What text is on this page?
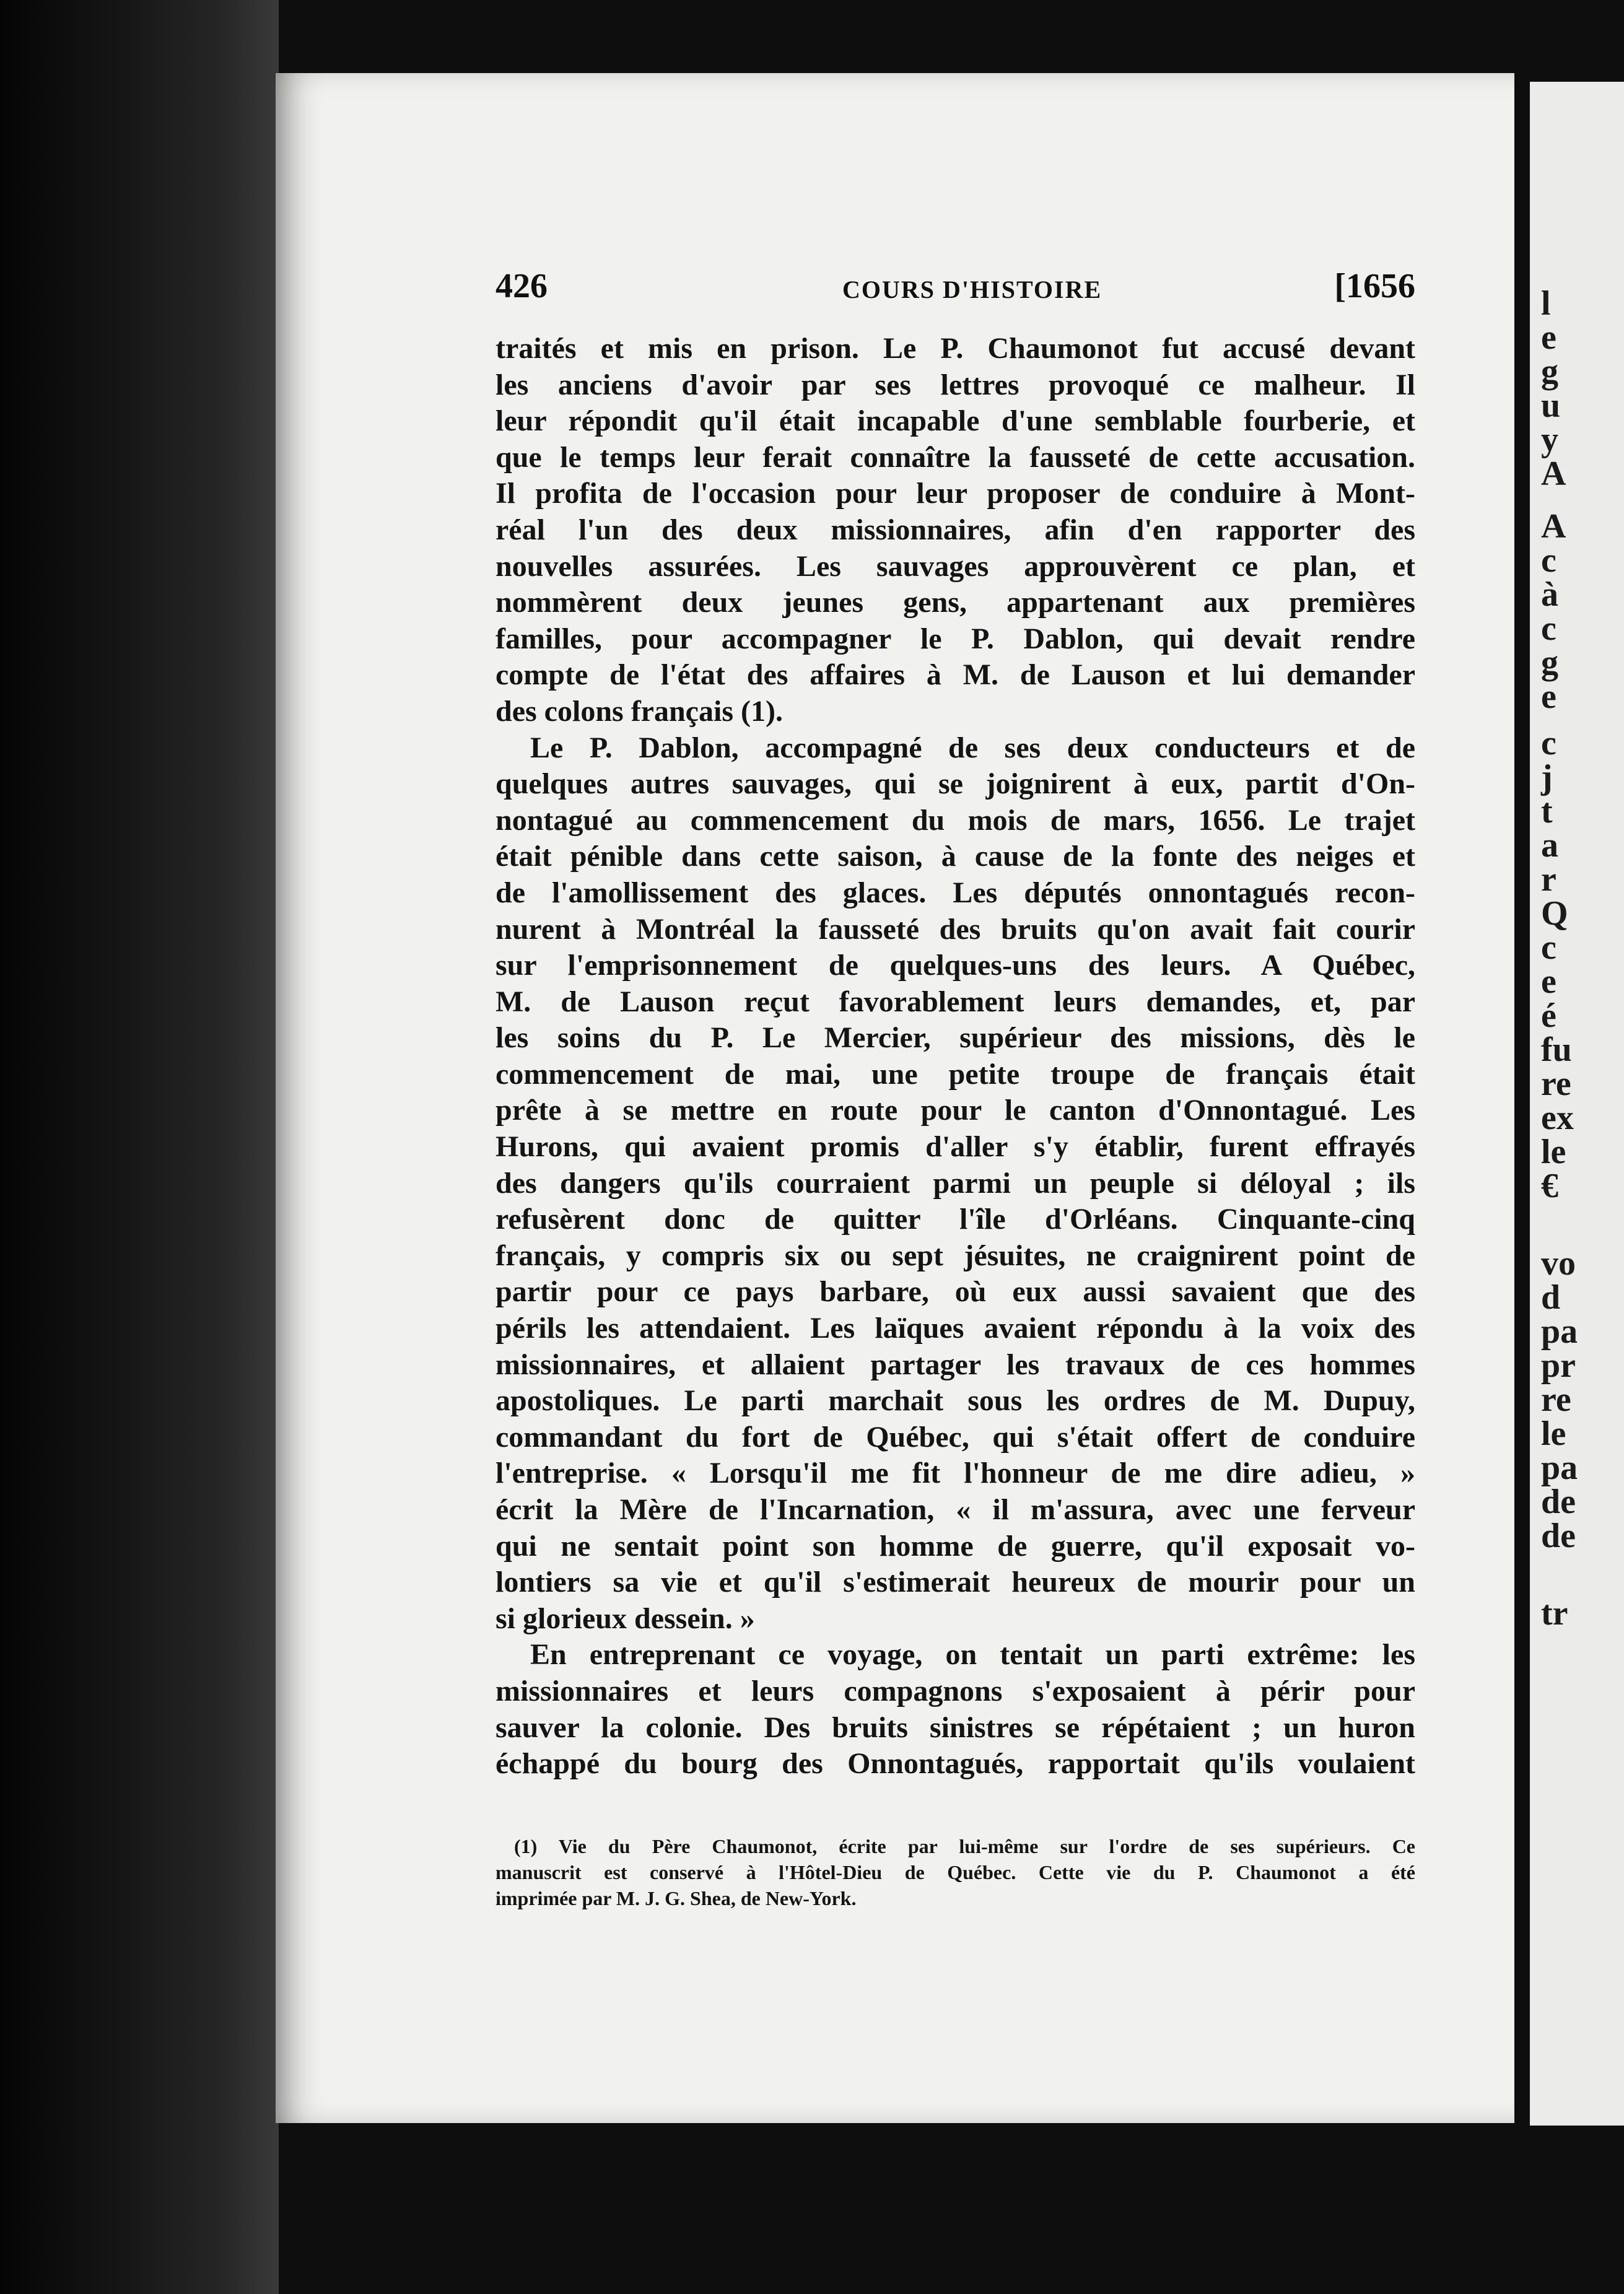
l
e
g
u
y
A
A
c
à
c
g
e
c
j
t
a
r
Q
c
e
é
fu
re
ex
le
€
vo
d
pa
pr
re
le
pa
de
de
tr
426	COURS D'HISTOIRE	[1656
traités et mis en prison. Le P. Chaumonot fut accusé devant
les anciens d'avoir par ses lettres provoqué ce malheur. Il
leur répondit qu'il était incapable d'une semblable fourberie, et
que le temps leur ferait connaître la fausseté de cette accusation.
Il profita de l'occasion pour leur proposer de conduire à Mont-
réal l'un des deux missionnaires, afin d'en rapporter des
nouvelles assurées. Les sauvages approuvèrent ce plan, et
nommèrent deux jeunes gens, appartenant aux premières
familles, pour accompagner le P. Dablon, qui devait rendre
compte de l'état des affaires à M. de Lauson et lui demander
des colons français (1).
Le P. Dablon, accompagné de ses deux conducteurs et de
quelques autres sauvages, qui se joignirent à eux, partit d'On-
nontagué au commencement du mois de mars, 1656. Le trajet
était pénible dans cette saison, à cause de la fonte des neiges et
de l'amollissement des glaces. Les députés onnontagués recon-
nurent à Montréal la fausseté des bruits qu'on avait fait courir
sur l'emprisonnement de quelques-uns des leurs. A Québec,
M. de Lauson reçut favorablement leurs demandes, et, par
les soins du P. Le Mercier, supérieur des missions, dès le
commencement de mai, une petite troupe de français était
prête à se mettre en route pour le canton d'Onnontagué. Les
Hurons, qui avaient promis d'aller s'y établir, furent effrayés
des dangers qu'ils courraient parmi un peuple si déloyal ; ils
refusèrent donc de quitter l'île d'Orléans. Cinquante-cinq
français, y compris six ou sept jésuites, ne craignirent point de
partir pour ce pays barbare, où eux aussi savaient que des
périls les attendaient. Les laïques avaient répondu à la voix des
missionnaires, et allaient partager les travaux de ces hommes
apostoliques. Le parti marchait sous les ordres de M. Dupuy,
commandant du fort de Québec, qui s'était offert de conduire
l'entreprise. « Lorsqu'il me fit l'honneur de me dire adieu, »
écrit la Mère de l'Incarnation, « il m'assura, avec une ferveur
qui ne sentait point son homme de guerre, qu'il exposait vo-
lontiers sa vie et qu'il s'estimerait heureux de mourir pour un
si glorieux dessein. »
En entreprenant ce voyage, on tentait un parti extrême: les
missionnaires et leurs compagnons s'exposaient à périr pour
sauver la colonie. Des bruits sinistres se répétaient ; un huron
échappé du bourg des Onnontagués, rapportait qu'ils voulaient
(1) Vie du Père Chaumonot, écrite par lui-même sur l'ordre de ses supérieurs. Ce
manuscrit est conservé à l'Hôtel-Dieu de Québec. Cette vie du P. Chaumonot a été
imprimée par M. J. G. Shea, de New-York.
